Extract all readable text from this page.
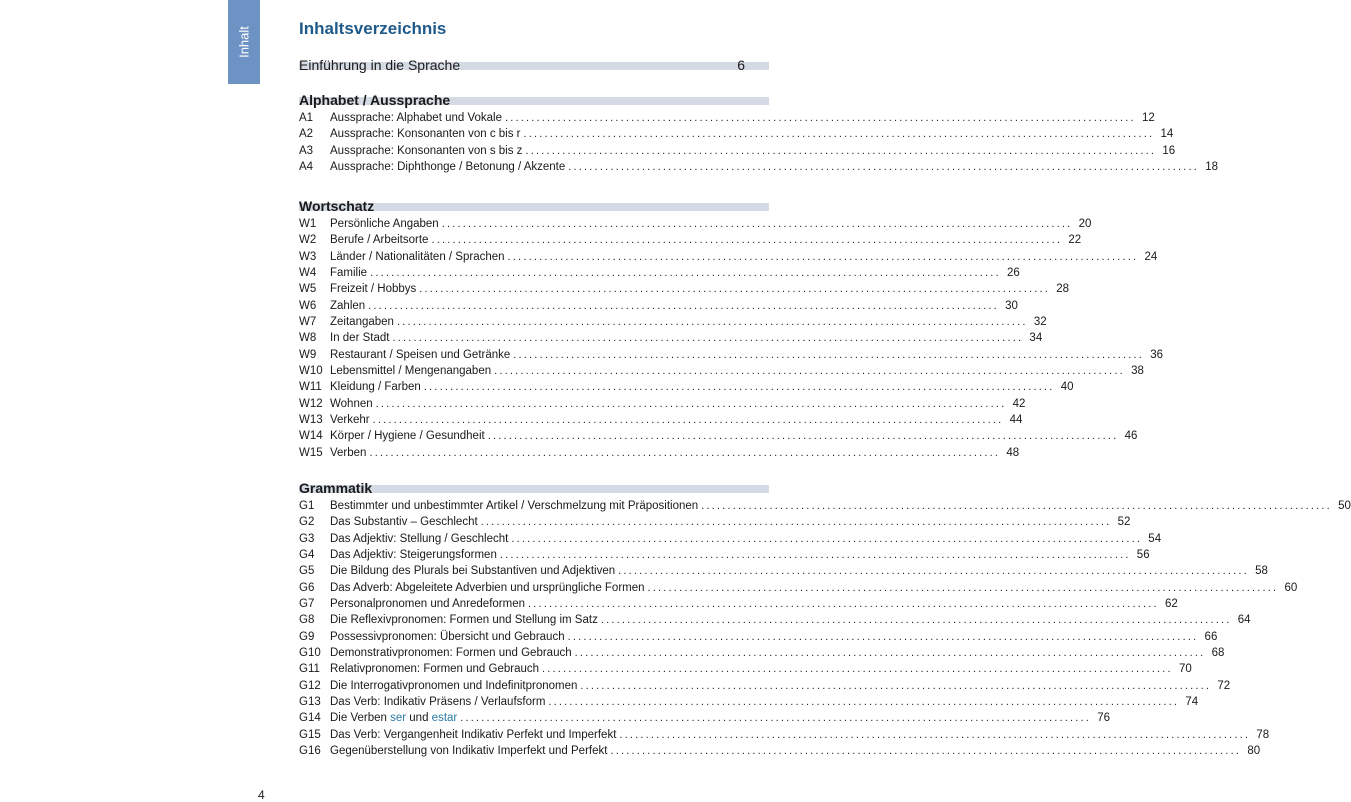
Inhalt	Inhaltsverzeichnis
Einführung in die Sprache	6
Alphabet / Aussprache
A1	Aussprache: Alphabet und Vokale ........................................................................................................................ 12
A2	Aussprache: Konsonanten von c bis r ........................................................................................................................ 14
A3	Aussprache: Konsonanten von s bis z ........................................................................................................................ 16
A4	Aussprache: Diphthonge / Betonung / Akzente ........................................................................................................................ 18
Wortschatz
W1	Persönliche Angaben ........................................................................................................................ 20
W2	Berufe / Arbeitsorte ........................................................................................................................ 22
W3	Länder / Nationalitäten / Sprachen ........................................................................................................................ 24
W4	Familie ........................................................................................................................ 26
W5	Freizeit / Hobbys ........................................................................................................................ 28
W6	Zahlen ........................................................................................................................ 30
W7	Zeitangaben ........................................................................................................................ 32
W8	In der Stadt ........................................................................................................................ 34
W9	Restaurant / Speisen und Getränke ........................................................................................................................ 36
W10 Lebensmittel / Mengenangaben ........................................................................................................................ 38
W11 Kleidung / Farben ........................................................................................................................ 40
W12 Wohnen ........................................................................................................................ 42
W13 Verkehr ........................................................................................................................ 44
W14 Körper / Hygiene / Gesundheit ........................................................................................................................ 46
W15 Verben ........................................................................................................................ 48
Grammatik
G1	Bestimmter und unbestimmter Artikel / Verschmelzung mit Präpositionen ........................................................................................................................ 50
G2	Das Substantiv – Geschlecht ........................................................................................................................ 52
G3	Das Adjektiv: Stellung / Geschlecht ........................................................................................................................ 54
G4	Das Adjektiv: Steigerungsformen ........................................................................................................................ 56
G5	Die Bildung des Plurals bei Substantiven und Adjektiven ........................................................................................................................ 58
G6	Das Adverb: Abgeleitete Adverbien und ursprüngliche Formen ........................................................................................................................ 60
G7	Personalpronomen und Anredeformen ........................................................................................................................ 62
G8	Die Reflexivpronomen: Formen und Stellung im Satz ........................................................................................................................ 64
G9	Possessivpronomen: Übersicht und Gebrauch ........................................................................................................................ 66
G10 Demonstrativpronomen: Formen und Gebrauch ........................................................................................................................ 68
G11 Relativpronomen: Formen und Gebrauch ........................................................................................................................ 70
G12 Die Interrogativpronomen und Indefinitpronomen ........................................................................................................................ 72
G13 Das Verb: Indikativ Präsens / Verlaufsform ........................................................................................................................ 74
G14 Die Verben ser und estar ........................................................................................................................ 76
G15 Das Verb: Vergangenheit Indikativ Perfekt und Imperfekt ........................................................................................................................ 78
G16 Gegenüberstellung von Indikativ Imperfekt und Perfekt ........................................................................................................................ 80
4
